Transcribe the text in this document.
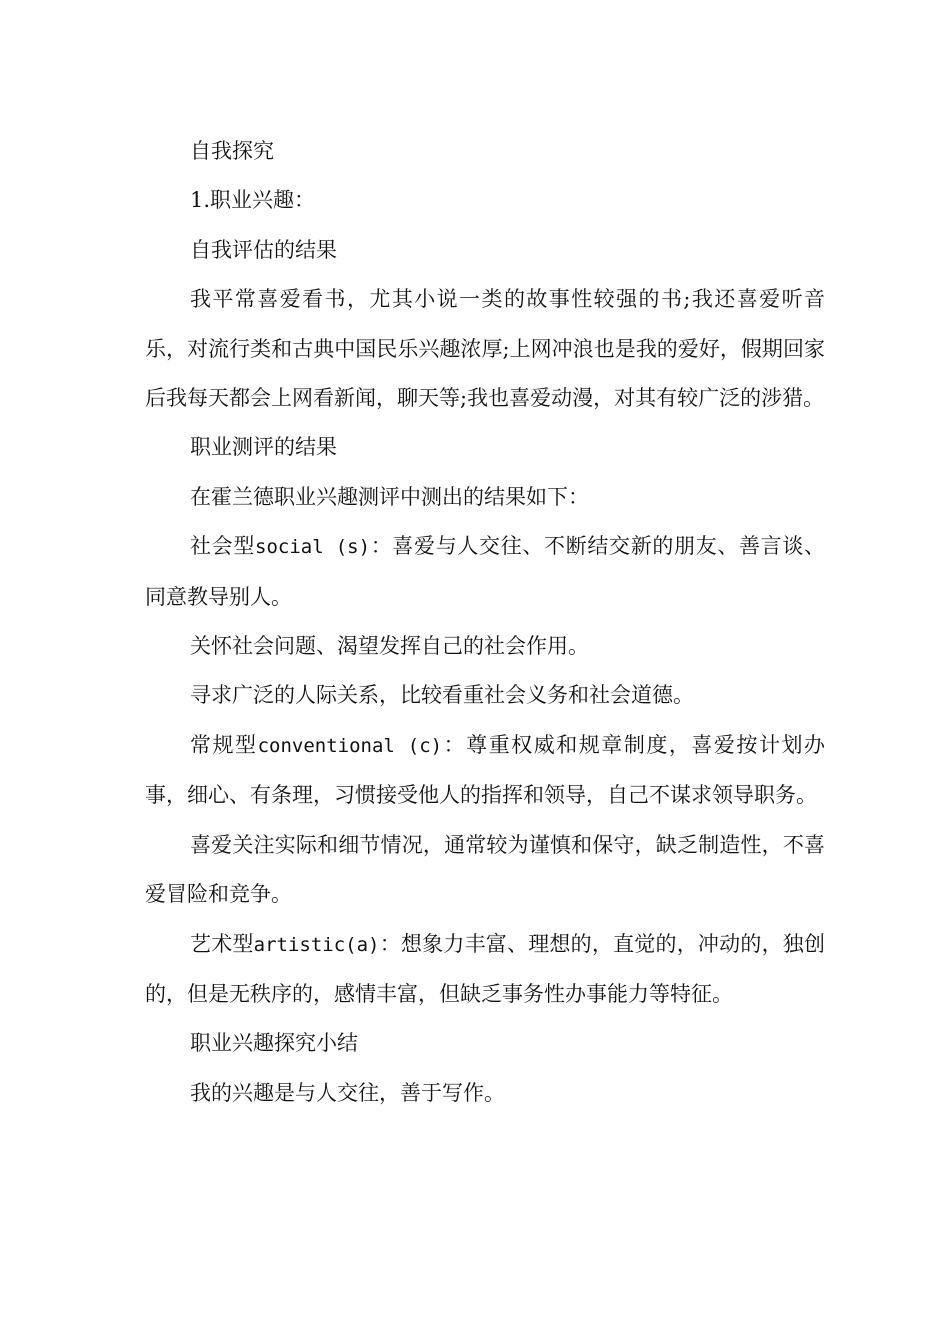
自我探究

1.职业兴趣：

自我评估的结果

我平常喜爱看书，尤其小说一类的故事性较强的书;我还喜爱听音乐，对流行类和古典中国民乐兴趣浓厚;上网冲浪也是我的爱好，假期回家后我每天都会上网看新闻，聊天等;我也喜爱动漫，对其有较广泛的涉猎。

职业测评的结果

在霍兰德职业兴趣测评中测出的结果如下：

社会型social (s)：喜爱与人交往、不断结交新的朋友、善言谈、同意教导别人。

关怀社会问题、渴望发挥自己的社会作用。

寻求广泛的人际关系，比较看重社会义务和社会道德。

常规型conventional (c)：尊重权威和规章制度，喜爱按计划办事，细心、有条理，习惯接受他人的指挥和领导，自己不谋求领导职务。

喜爱关注实际和细节情况，通常较为谨慎和保守，缺乏制造性，不喜爱冒险和竞争。

艺术型artistic(a)：想象力丰富、理想的，直觉的，冲动的，独创的，但是无秩序的，感情丰富，但缺乏事务性办事能力等特征。

职业兴趣探究小结

我的兴趣是与人交往，善于写作。
